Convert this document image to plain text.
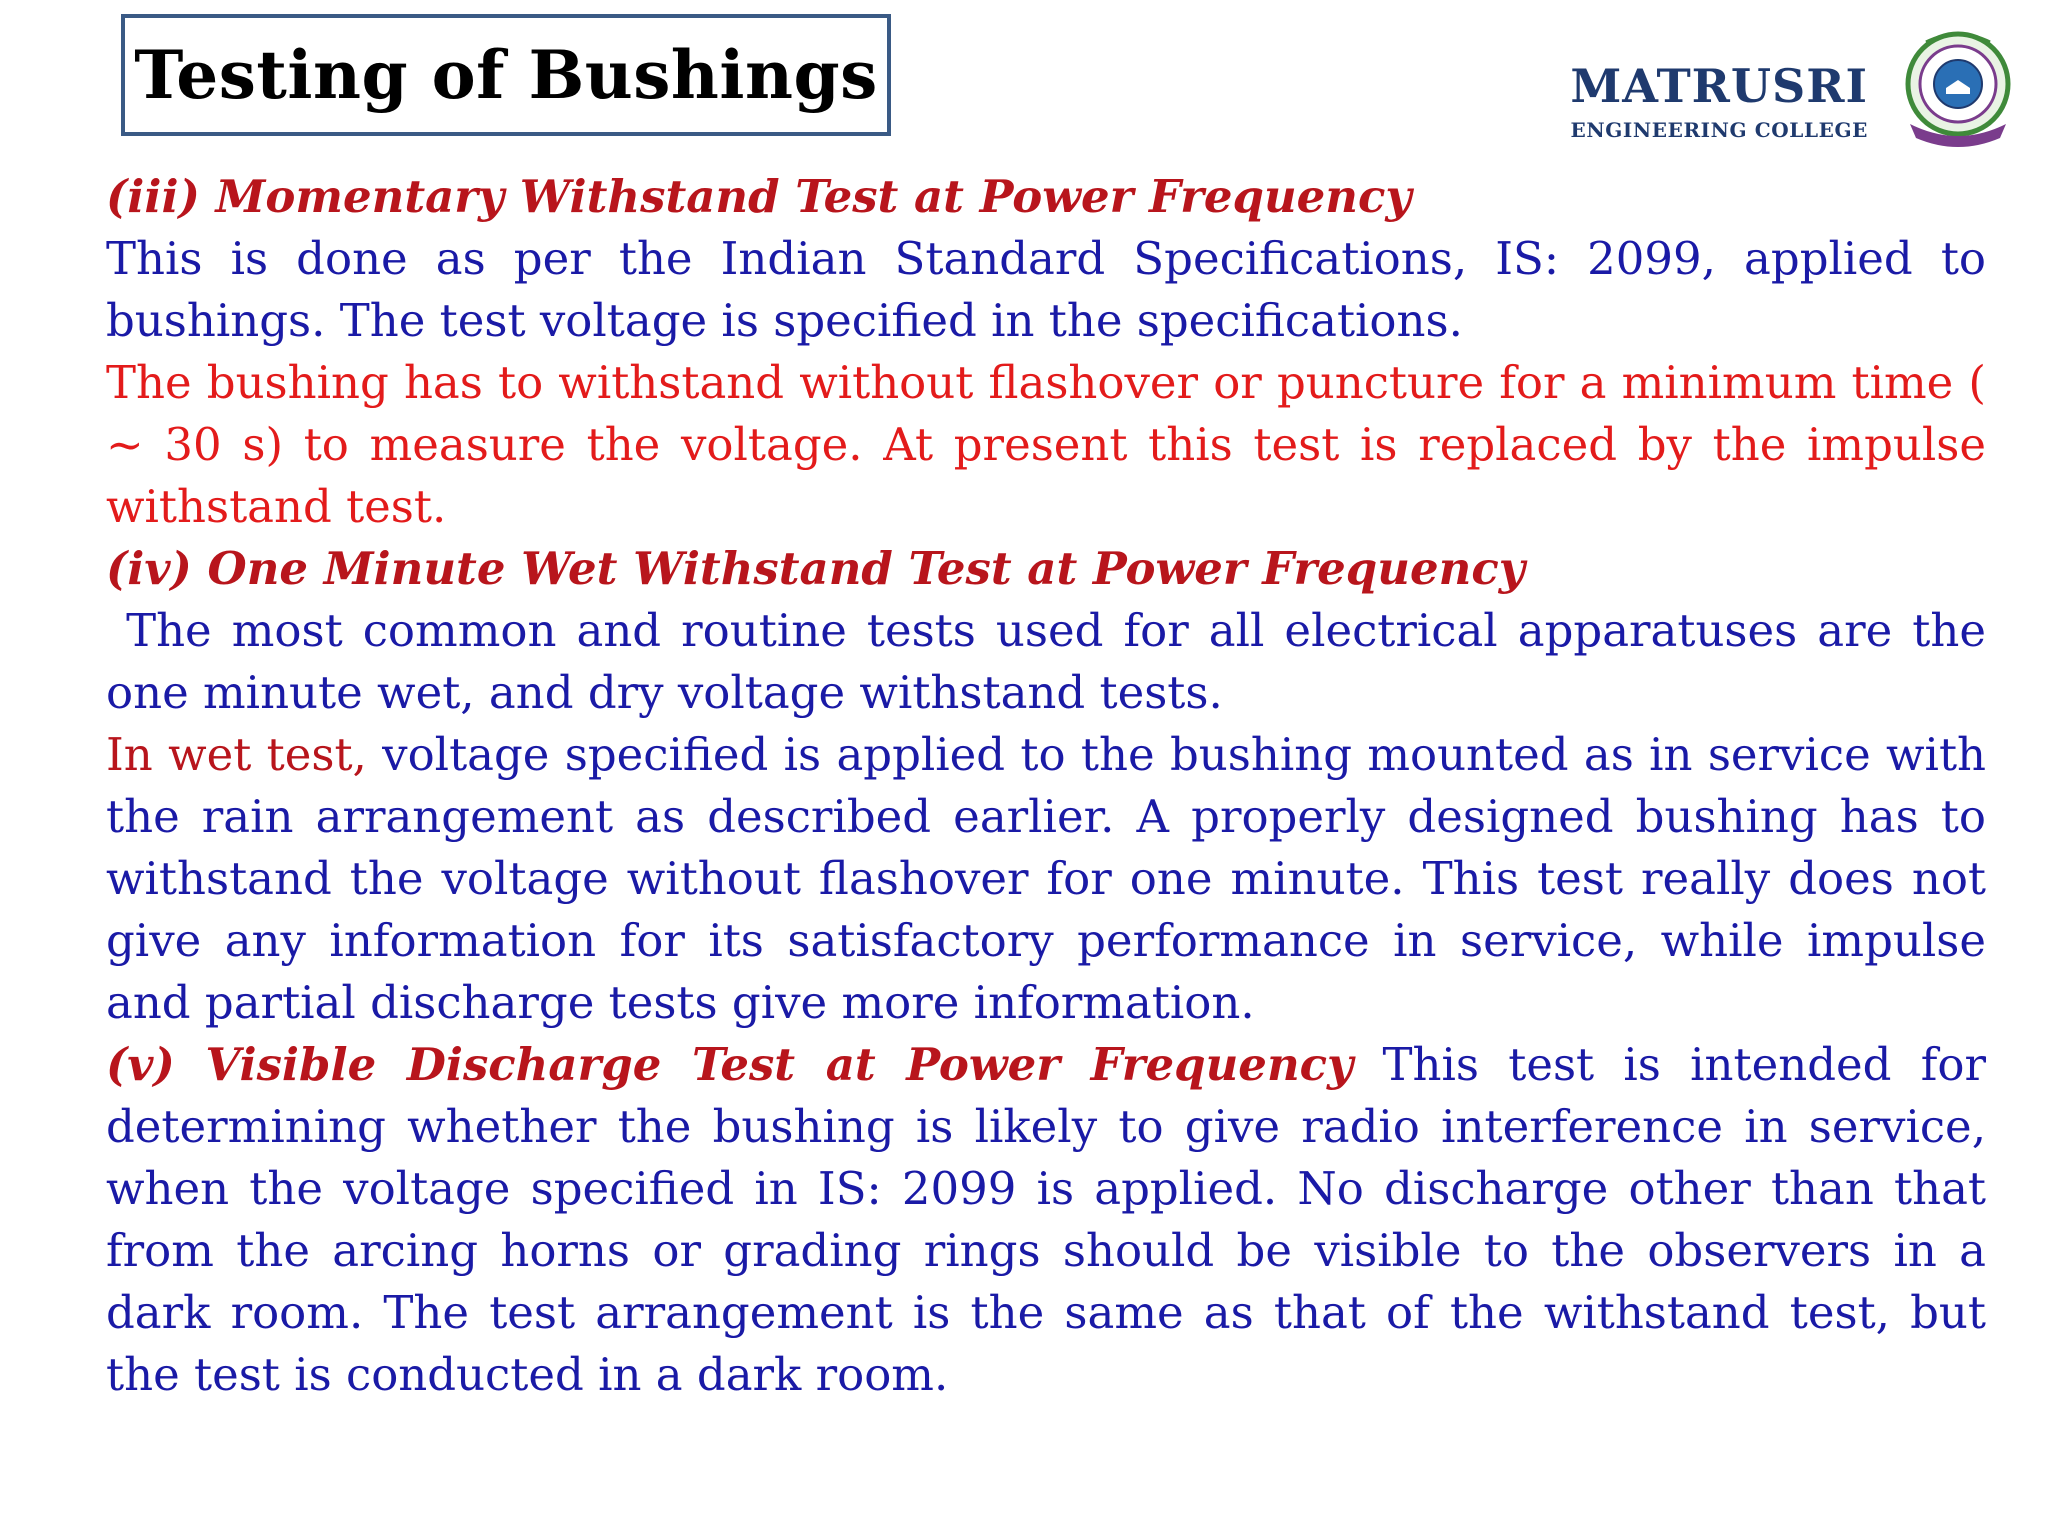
Testing of Bushings	MATRUSRI
ENGINEERING COLLEGE

(iii) Momentary Withstand Test at Power Frequency

This is done as per the Indian Standard Specifications, IS: 2099, applied to bushings. The test voltage is specified in the specifications.

The bushing has to withstand without flashover or puncture for a minimum time ( ~ 30 s) to measure the voltage. At present this test is replaced by the impulse withstand test.

(iv) One Minute Wet Withstand Test at Power Frequency

The most common and routine tests used for all electrical apparatuses are the one minute wet, and dry voltage withstand tests.

In wet test, voltage specified is applied to the bushing mounted as in service with the rain arrangement as described earlier. A properly designed bushing has to withstand the voltage without flashover for one minute. This test really does not give any information for its satisfactory performance in service, while impulse and partial discharge tests give more information.

(v) Visible Discharge Test at Power Frequency This test is intended for determining whether the bushing is likely to give radio interference in service, when the voltage specified in IS: 2099 is applied. No discharge other than that from the arcing horns or grading rings should be visible to the observers in a dark room. The test arrangement is the same as that of the withstand test, but the test is conducted in a dark room.
